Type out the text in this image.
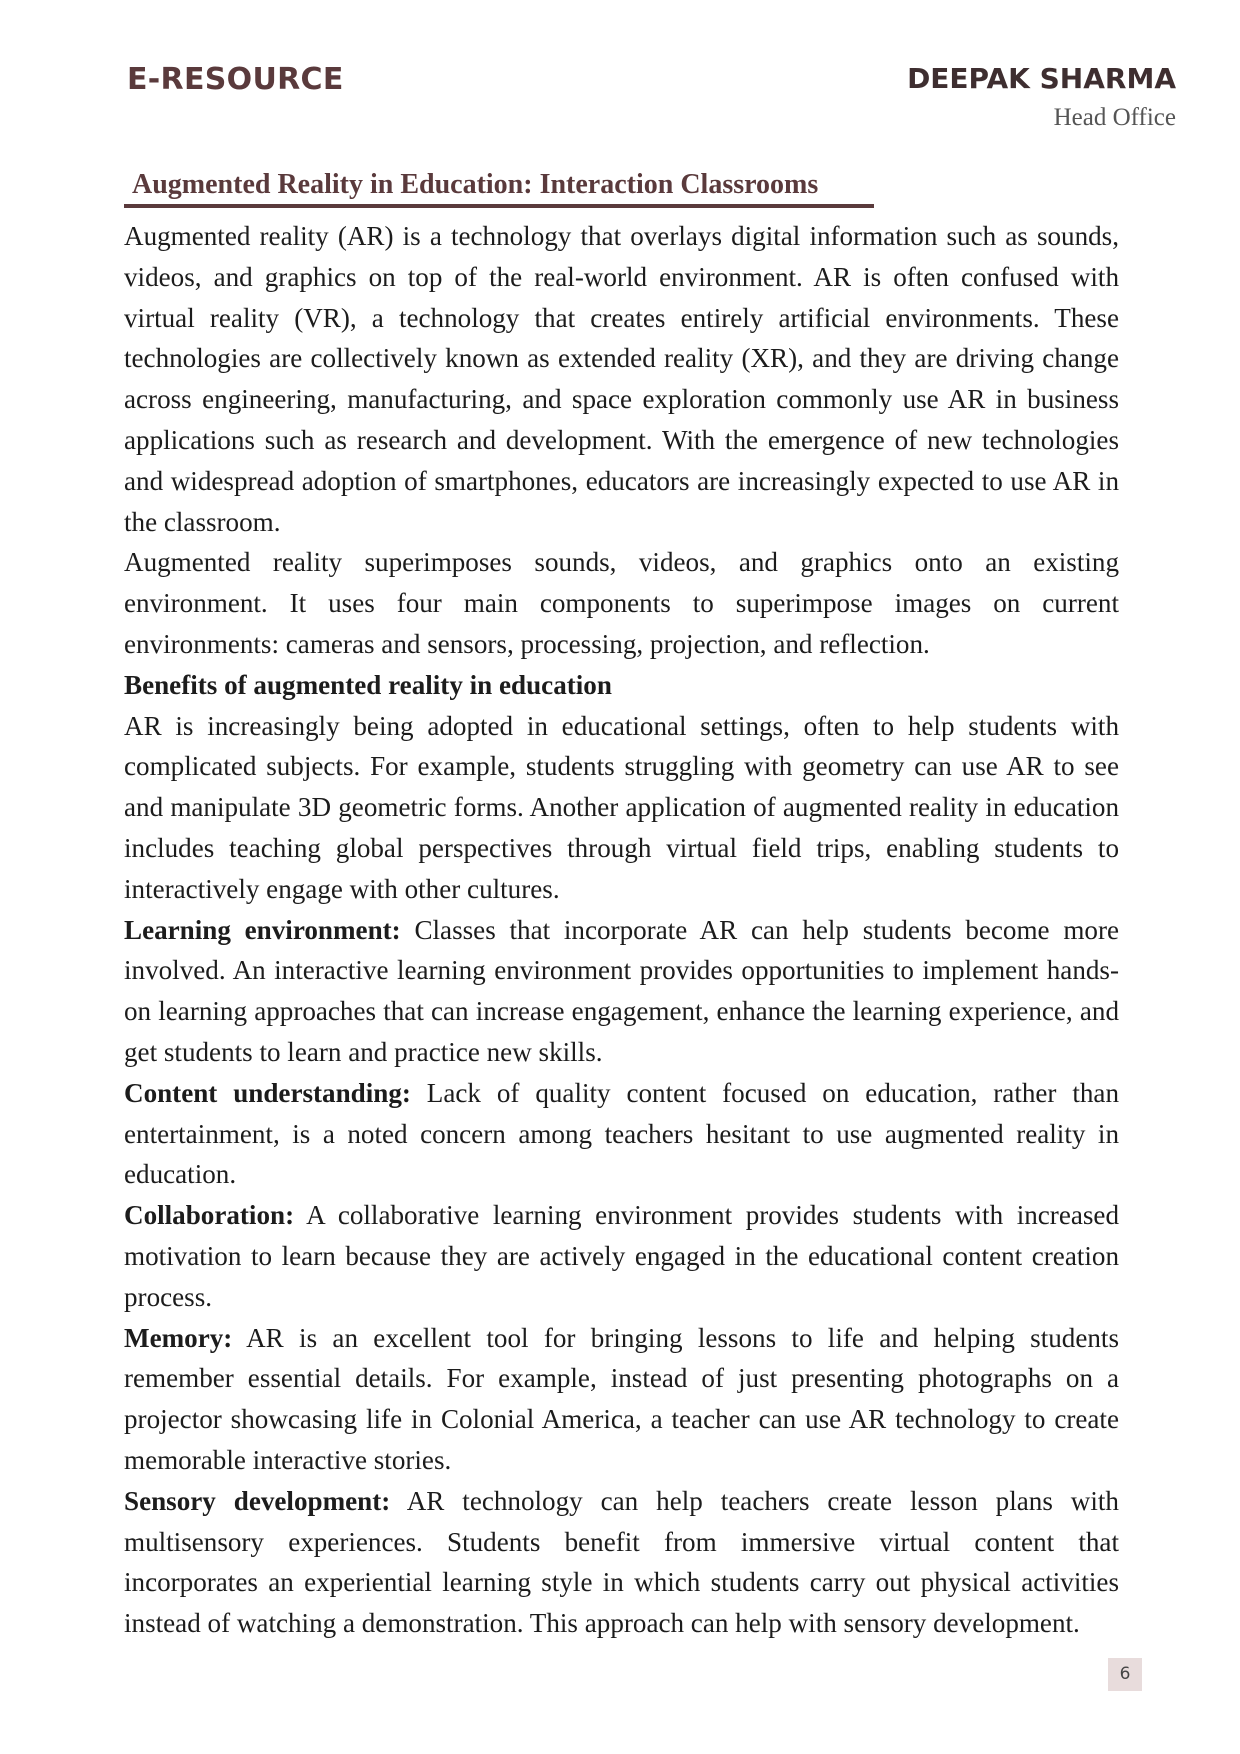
E-RESOURCE	DEEPAK SHARMA
Head Office
Augmented Reality in Education: Interaction Classrooms

Augmented reality (AR) is a technology that overlays digital information such as sounds, videos, and graphics on top of the real-world environment. AR is often confused with virtual reality (VR), a technology that creates entirely artificial environments. These technologies are collectively known as extended reality (XR), and they are driving change across engineering, manufacturing, and space exploration commonly use AR in business applications such as research and development. With the emergence of new technologies and widespread adoption of smartphones, educators are increasingly expected to use AR in the classroom.

Augmented reality superimposes sounds, videos, and graphics onto an existing environment. It uses four main components to superimpose images on current environments: cameras and sensors, processing, projection, and reflection.

Benefits of augmented reality in education

AR is increasingly being adopted in educational settings, often to help students with complicated subjects. For example, students struggling with geometry can use AR to see and manipulate 3D geometric forms. Another application of augmented reality in education includes teaching global perspectives through virtual field trips, enabling students to interactively engage with other cultures.

Learning environment: Classes that incorporate AR can help students become more involved. An interactive learning environment provides opportunities to implement hands-on learning approaches that can increase engagement, enhance the learning experience, and get students to learn and practice new skills.

Content understanding: Lack of quality content focused on education, rather than entertainment, is a noted concern among teachers hesitant to use augmented reality in education.

Collaboration: A collaborative learning environment provides students with increased motivation to learn because they are actively engaged in the educational content creation process.

Memory: AR is an excellent tool for bringing lessons to life and helping students remember essential details. For example, instead of just presenting photographs on a projector showcasing life in Colonial America, a teacher can use AR technology to create memorable interactive stories.

Sensory development: AR technology can help teachers create lesson plans with multisensory experiences. Students benefit from immersive virtual content that incorporates an experiential learning style in which students carry out physical activities instead of watching a demonstration. This approach can help with sensory development.

6
